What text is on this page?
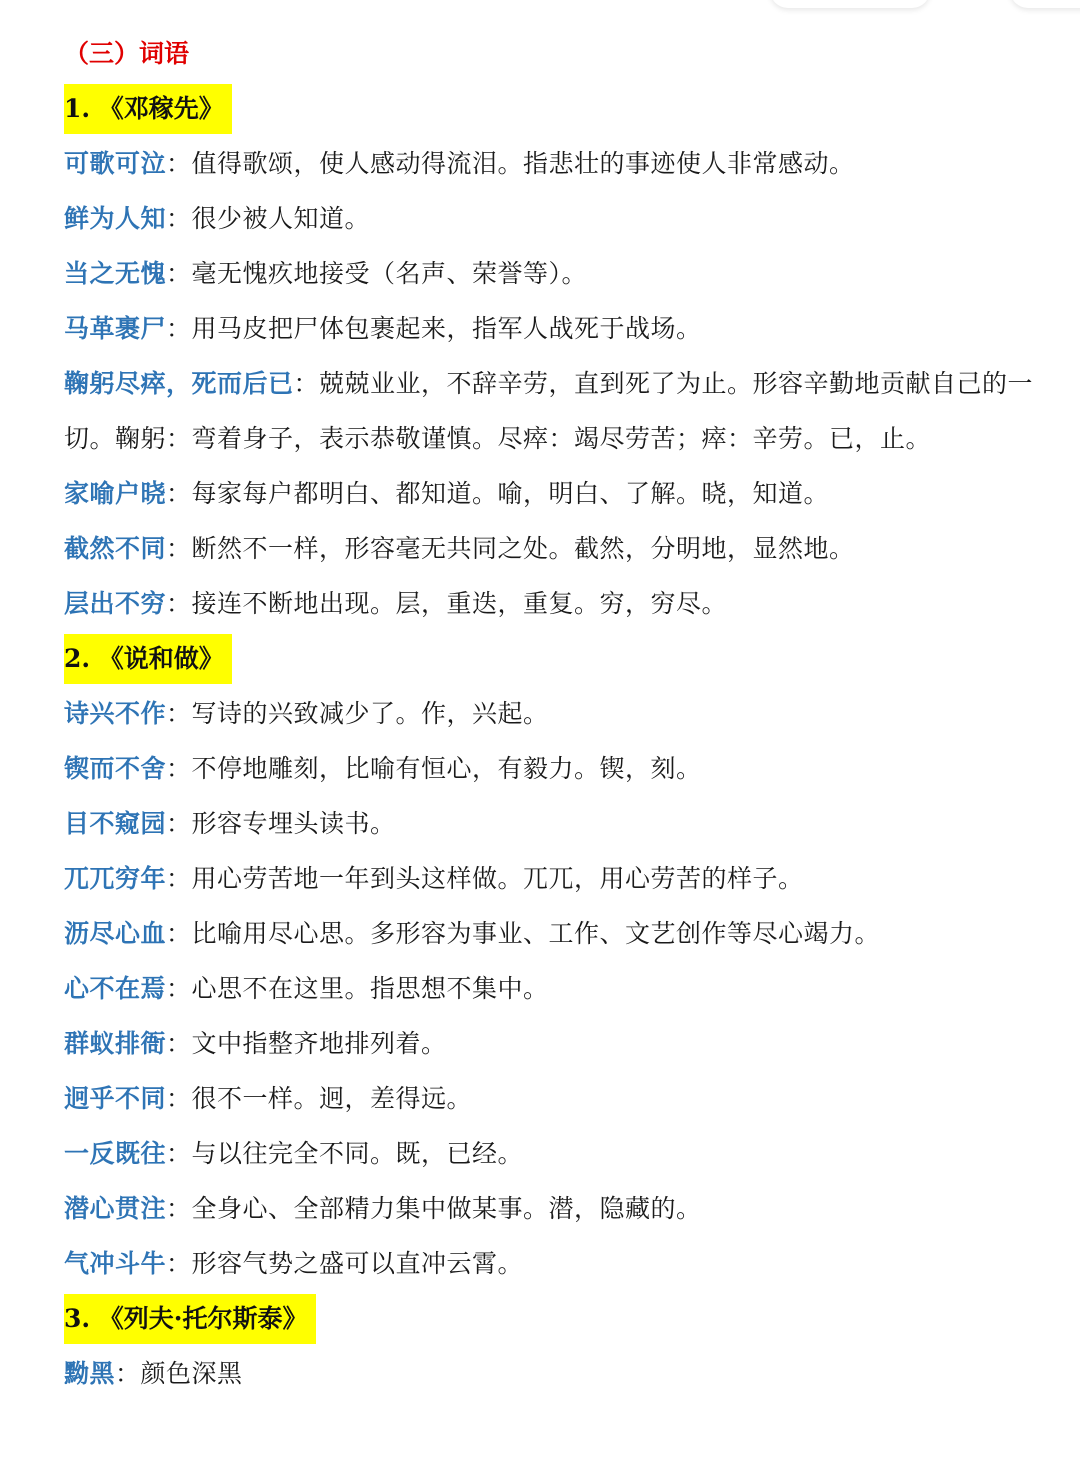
（三）词语
1. 《邓稼先》
可歌可泣：值得歌颂，使人感动得流泪。指悲壮的事迹使人非常感动。
鲜为人知：很少被人知道。
当之无愧：毫无愧疚地接受（名声、荣誉等）。
马革裹尸：用马皮把尸体包裹起来，指军人战死于战场。
鞠躬尽瘁，死而后已：兢兢业业，不辞辛劳，直到死了为止。形容辛勤地贡献自己的一切。鞠躬：弯着身子，表示恭敬谨慎。尽瘁：竭尽劳苦；瘁：辛劳。已，止。
家喻户晓：每家每户都明白、都知道。喻，明白、了解。晓，知道。
截然不同：断然不一样，形容毫无共同之处。截然，分明地，显然地。
层出不穷：接连不断地出现。层，重迭，重复。穷，穷尽。
2. 《说和做》
诗兴不作：写诗的兴致减少了。作，兴起。
锲而不舍：不停地雕刻，比喻有恒心，有毅力。锲，刻。
目不窥园：形容专埋头读书。
兀兀穷年：用心劳苦地一年到头这样做。兀兀，用心劳苦的样子。
沥尽心血：比喻用尽心思。多形容为事业、工作、文艺创作等尽心竭力。
心不在焉：心思不在这里。指思想不集中。
群蚁排衙：文中指整齐地排列着。
迥乎不同：很不一样。迥，差得远。
一反既往：与以往完全不同。既，已经。
潜心贯注：全身心、全部精力集中做某事。潜，隐藏的。
气冲斗牛：形容气势之盛可以直冲云霄。
3. 《列夫·托尔斯泰》
黝黑：颜色深黑
